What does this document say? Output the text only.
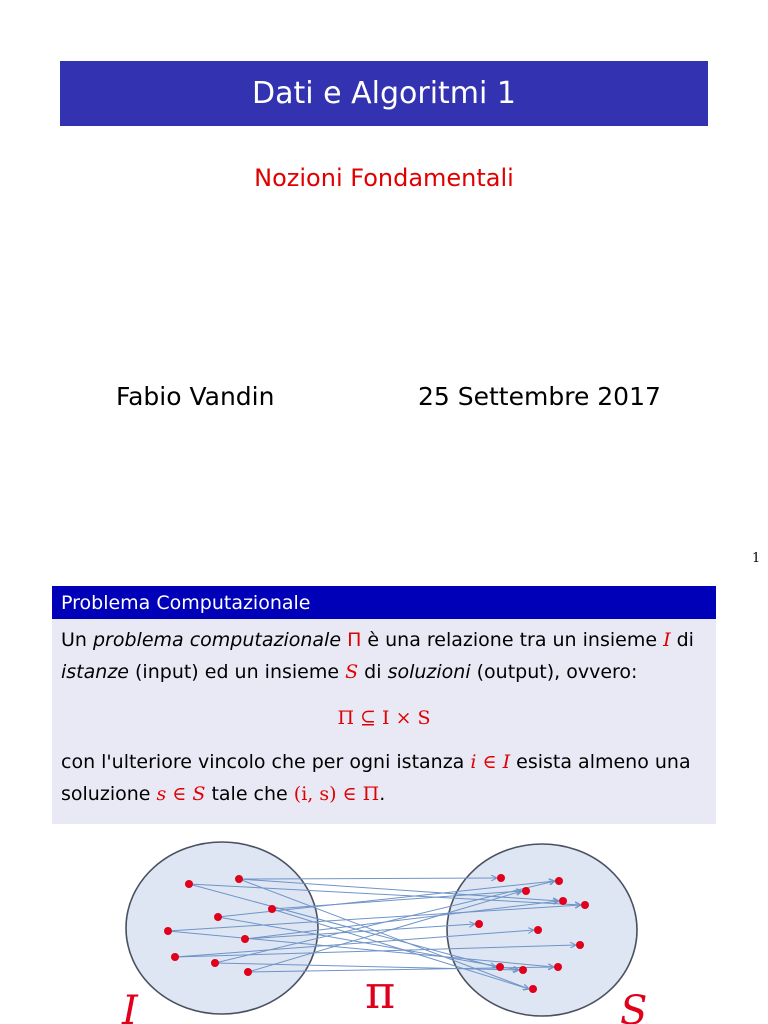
Dati e Algoritmi 1
Nozioni Fondamentali
Fabio Vandin	25 Settembre 2017
1
Problema Computazionale

Un problema computazionale Π è una relazione tra un insieme I di
istanze (input) ed un insieme S di soluzioni (output), ovvero:

Π ⊆ I × S

con l'ulteriore vincolo che per ogni istanza i ∈ I esista almeno una
soluzione s ∈ S tale che (i, s) ∈ Π.

I	π	S
